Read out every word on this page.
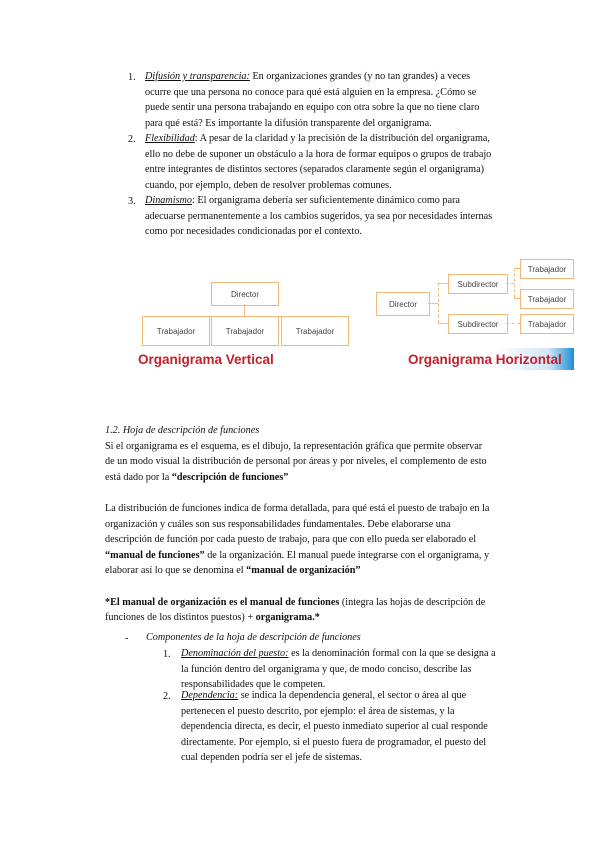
1. Difusión y transparencia: En organizaciones grandes (y no tan grandes) a veces
ocurre que una persona no conoce para qué está alguien en la empresa. ¿Cómo se
puede sentir una persona trabajando en equipo con otra sobre la que no tiene claro
para qué está? Es importante la difusión transparente del organigrama.
2. Flexibilidad: A pesar de la claridad y la precisión de la distribución del organigrama,
ello no debe de suponer un obstáculo a la hora de formar equipos o grupos de trabajo
entre integrantes de distintos sectores (separados claramente según el organigrama)
cuando, por ejemplo, deben de resolver problemas comunes.
3. Dinamismo: El organigrama debería ser suficientemente dinámico como para
adecuarse permanentemente a los cambios sugeridos, ya sea por necesidades internas
como por necesidades condicionadas por el contexto.
Director
Trabajador	Trabajador	Trabajador
Organigrama Vertical
Director
Subdirector
Subdirector
Trabajador
Trabajador
Trabajador
Organigrama Horizontal
1.2. Hoja de descripción de funciones
Si el organigrama es el esquema, es el dibujo, la representación gráfica que permite observar
de un modo visual la distribución de personal por áreas y por niveles, el complemento de esto
está dado por la “descripción de funciones”
La distribución de funciones indica de forma detallada, para qué está el puesto de trabajo en la
organización y cuáles son sus responsabilidades fundamentales. Debe elaborarse una
descripción de función por cada puesto de trabajo, para que con ello pueda ser elaborado el
“manual de funciones” de la organización. El manual puede integrarse con el organigrama, y
elaborar así lo que se denomina el “manual de organización”
*El manual de organización es el manual de funciones (integra las hojas de descripción de
funciones de los distintos puestos) + organigrama.*
- Componentes de la hoja de descripción de funciones
1. Denominación del puesto: es la denominación formal con la que se designa a
la función dentro del organigrama y que, de modo conciso, describe las
responsabilidades que le competen.
2. Dependencia: se indica la dependencia general, el sector o área al que
pertenecen el puesto descrito, por ejemplo: el área de sistemas, y la
dependencia directa, es decir, el puesto inmediato superior al cual responde
directamente. Por ejemplo, si el puesto fuera de programador, el puesto del
cual dependen podría ser el jefe de sistemas.
